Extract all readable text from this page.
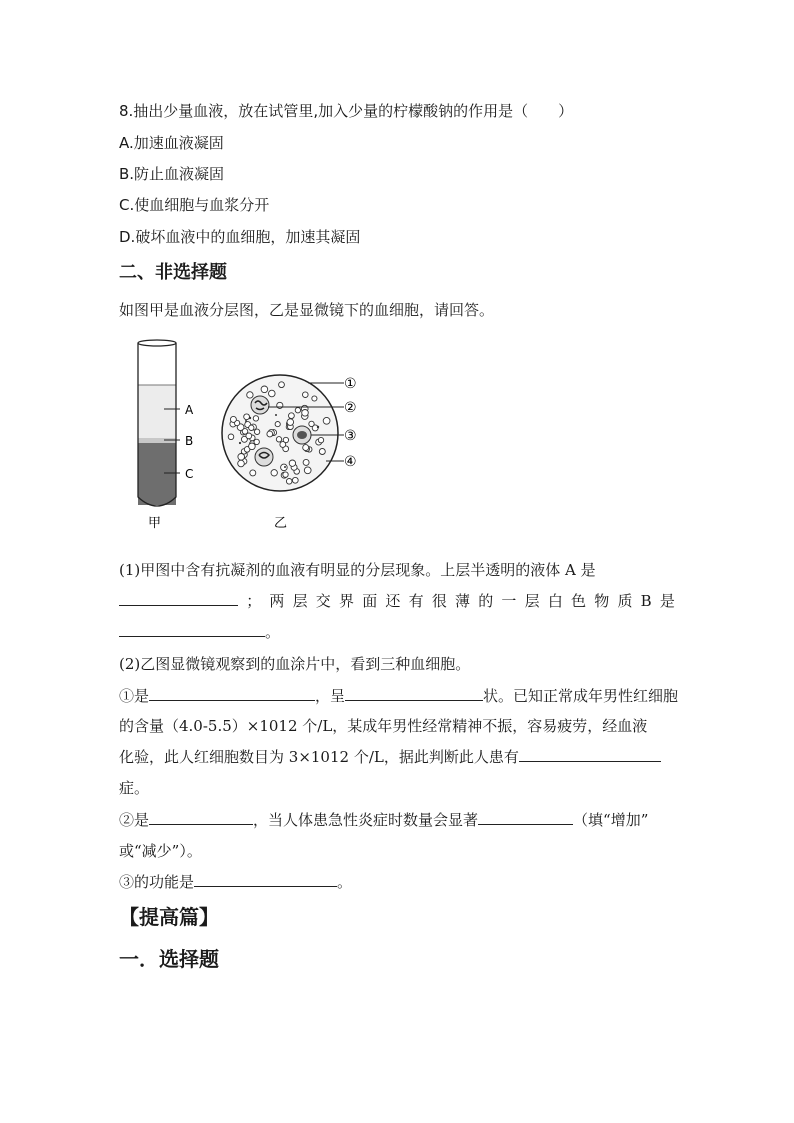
8.抽出少量血液，放在试管里,加入少量的柠檬酸钠的作用是（　　）
A.加速血液凝固
B.防止血液凝固
C.使血细胞与血浆分开
D.破坏血液中的血细胞，加速其凝固
二、非选择题
如图甲是血液分层图，乙是显微镜下的血细胞，请回答。
A
B
C
甲
①
②
③
④
乙
(1)甲图中含有抗凝剂的血液有明显的分层现象。上层半透明的液体 A 是
； 两 层 交 界 面 还 有 很 薄 的 一 层 白 色 物 质 B 是
。
(2)乙图显微镜观察到的血涂片中，看到三种血细胞。
①是	，呈	状。已知正常成年男性红细胞
的含量（4.0-5.5）×1012 个/L，某成年男性经常精神不振，容易疲劳，经血液
化验，此人红细胞数目为 3×1012 个/L，据此判断此人患有
症。
②是	，当人体患急性炎症时数量会显著	（填“增加”
或“减少”）。
③的功能是	。
【提高篇】
一．选择题
